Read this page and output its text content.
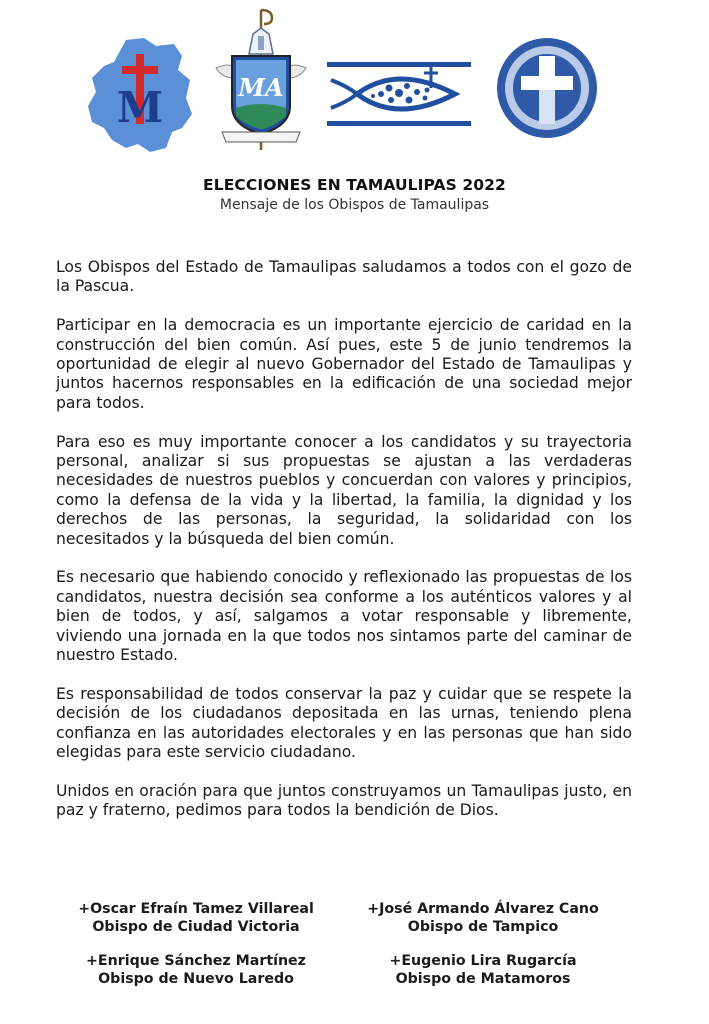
M	MA
ELECCIONES EN TAMAULIPAS 2022
Mensaje de los Obispos de Tamaulipas

Los Obispos del Estado de Tamaulipas saludamos a todos con el gozo de la Pascua.

Participar en la democracia es un importante ejercicio de caridad en la construcción del bien común. Así pues, este 5 de junio tendremos la oportunidad de elegir al nuevo Gobernador del Estado de Tamaulipas y juntos hacernos responsables en la edificación de una sociedad mejor para todos.

Para eso es muy importante conocer a los candidatos y su trayectoria personal, analizar si sus propuestas se ajustan a las verdaderas necesidades de nuestros pueblos y concuerdan con valores y principios, como la defensa de la vida y la libertad, la familia, la dignidad y los derechos de las personas, la seguridad, la solidaridad con los necesitados y la búsqueda del bien común.

Es necesario que habiendo conocido y reflexionado las propuestas de los candidatos, nuestra decisión sea conforme a los auténticos valores y al bien de todos, y así, salgamos a votar responsable y libremente, viviendo una jornada en la que todos nos sintamos parte del caminar de nuestro Estado.

Es responsabilidad de todos conservar la paz y cuidar que se respete la decisión de los ciudadanos depositada en las urnas, teniendo plena confianza en las autoridades electorales y en las personas que han sido elegidas para este servicio ciudadano.

Unidos en oración para que juntos construyamos un Tamaulipas justo, en paz y fraterno, pedimos para todos la bendición de Dios.

+Oscar Efraín Tamez Villareal
Obispo de Ciudad Victoria
+José Armando Álvarez Cano
Obispo de Tampico
+Enrique Sánchez Martínez
Obispo de Nuevo Laredo
+Eugenio Lira Rugarcía
Obispo de Matamoros
